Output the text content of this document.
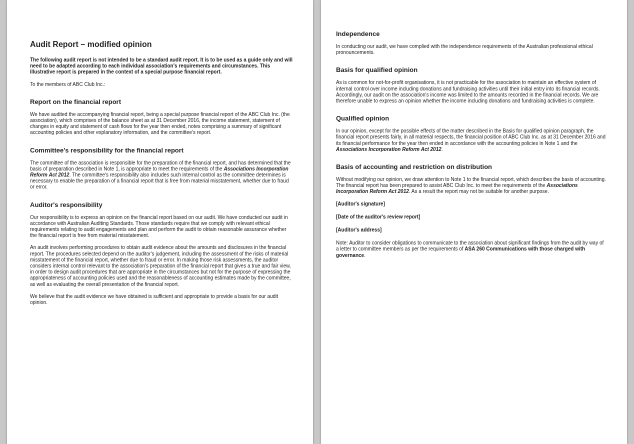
Audit Report – modified opinion

The following audit report is not intended to be a standard audit report. It is to be used as a guide only and will need to be adapted according to each individual association's requirements and circumstances. This illustrative report is prepared in the context of a special purpose financial report.

To the members of ABC Club Inc.:

Report on the financial report

We have audited the accompanying financial report, being a special purpose financial report of the ABC Club Inc. (the association), which comprises of the balance sheet as at 31 December 2016, the income statement, statement of changes in equity and statement of cash flows for the year then ended, notes comprising a summary of significant accounting policies and other explanatory information, and the committee's report.

Committee's responsibility for the financial report

The committee of the association is responsible for the preparation of the financial report, and has determined that the basis of preparation described in Note 1, is appropriate to meet the requirements of the Associations Incorporation Reform Act 2012. The committee's responsibility also includes such internal control as the committee determines is necessary to enable the preparation of a financial report that is free from material misstatement, whether due to fraud or error.

Auditor's responsibility

Our responsibility is to express an opinion on the financial report based on our audit. We have conducted our audit in accordance with Australian Auditing Standards. Those standards require that we comply with relevant ethical requirements relating to audit engagements and plan and perform the audit to obtain reasonable assurance whether the financial report is free from material misstatement.

An audit involves performing procedures to obtain audit evidence about the amounts and disclosures in the financial report. The procedures selected depend on the auditor's judgement, including the assessment of the risks of material misstatement of the financial report, whether due to fraud or error. In making those risk assessments, the auditor considers internal control relevant to the association's preparation of the financial report that gives a true and fair view, in order to design audit procedures that are appropriate in the circumstances but not for the purpose of expressing the appropriateness of accounting policies used and the reasonableness of accounting estimates made by the committee, as well as evaluating the overall presentation of the financial report.

We believe that the audit evidence we have obtained is sufficient and appropriate to provide a basis for our audit opinion.

Independence

In conducting our audit, we have complied with the independence requirements of the Australian professional ethical pronouncements.

Basis for qualified opinion

As is common for not-for-profit organisations, it is not practicable for the association to maintain an effective system of internal control over income including donations and fundraising activities until their initial entry into its financial records. Accordingly, our audit on the association's income was limited to the amounts recorded in the financial records. We are therefore unable to express an opinion whether the income including donations and fundraising activities is complete.

Qualified opinion

In our opinion, except for the possible effects of the matter described in the Basis for qualified opinion paragraph, the financial report presents fairly, in all material respects, the financial position of ABC Club Inc. as at 31 December 2016 and its financial performance for the year then ended in accordance with the accounting policies in Note 1 and the Associations Incorporation Reform Act 2012.

Basis of accounting and restriction on distribution

Without modifying our opinion, we draw attention to Note 1 to the financial report, which describes the basis of accounting. The financial report has been prepared to assist ABC Club Inc. to meet the requirements of the Associations Incorporation Reform Act 2012. As a result the report may not be suitable for another purpose.

[Auditor's signature]

[Date of the auditor's review report]

[Auditor's address]

Note: Auditor to consider obligations to communicate to the association about significant findings from the audit by way of a letter to committee members as per the requirements of ASA 260 Communications with those charged with governance.
